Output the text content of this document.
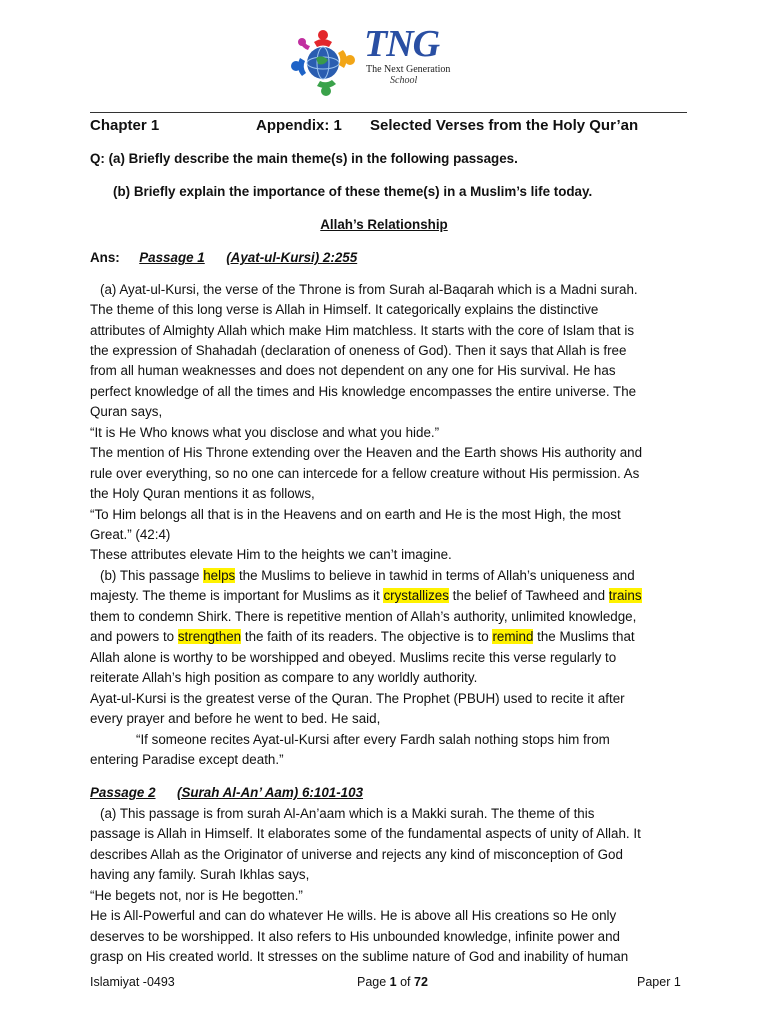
TNG
The Next Generation
School
Chapter 1	Appendix: 1 Selected Verses from the Holy Qur’an
Q: (a) Briefly describe the main theme(s) in the following passages.
(b) Briefly explain the importance of these theme(s) in a Muslim’s life today.
Allah’s Relationship
Ans: Passage 1 (Ayat-ul-Kursi) 2:255
(a) Ayat-ul-Kursi, the verse of the Throne is from Surah al-Baqarah which is a Madni surah.
The theme of this long verse is Allah in Himself. It categorically explains the distinctive
attributes of Almighty Allah which make Him matchless. It starts with the core of Islam that is
the expression of Shahadah (declaration of oneness of God). Then it says that Allah is free
from all human weaknesses and does not dependent on any one for His survival. He has
perfect knowledge of all the times and His knowledge encompasses the entire universe. The
Quran says,
“It is He Who knows what you disclose and what you hide.”
The mention of His Throne extending over the Heaven and the Earth shows His authority and
rule over everything, so no one can intercede for a fellow creature without His permission. As
the Holy Quran mentions it as follows,
“To Him belongs all that is in the Heavens and on earth and He is the most High, the most
Great.” (42:4)
These attributes elevate Him to the heights we can’t imagine.
(b) This passage helps the Muslims to believe in tawhid in terms of Allah’s uniqueness and
majesty. The theme is important for Muslims as it crystallizes the belief of Tawheed and trains
them to condemn Shirk. There is repetitive mention of Allah’s authority, unlimited knowledge,
and powers to strengthen the faith of its readers. The objective is to remind the Muslims that
Allah alone is worthy to be worshipped and obeyed. Muslims recite this verse regularly to
reiterate Allah’s high position as compare to any worldly authority.
Ayat-ul-Kursi is the greatest verse of the Quran. The Prophet (PBUH) used to recite it after
every prayer and before he went to bed. He said,
“If someone recites Ayat-ul-Kursi after every Fardh salah nothing stops him from
entering Paradise except death.”
Passage 2 (Surah Al-An’ Aam) 6:101-103
(a) This passage is from surah Al-An’aam which is a Makki surah. The theme of this
passage is Allah in Himself. It elaborates some of the fundamental aspects of unity of Allah. It
describes Allah as the Originator of universe and rejects any kind of misconception of God
having any family. Surah Ikhlas says,
“He begets not, nor is He begotten.”
He is All-Powerful and can do whatever He wills. He is above all His creations so He only
deserves to be worshipped. It also refers to His unbounded knowledge, infinite power and
grasp on His created world. It stresses on the sublime nature of God and inability of human
Islamiyat -0493	Page 1 of 72	Paper 1
